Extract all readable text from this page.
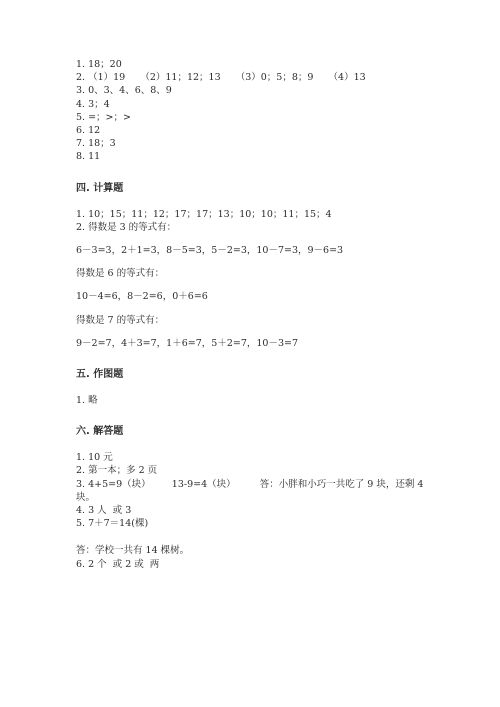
1. 18；20
2. （1）19     （2）11；12；13     （3）0；5；8；9     （4）13
3. 0、3、4、6、8、9
4. 3；4
5. =；>；>
6. 12
7. 18；3
8. 11
四. 计算题
1. 10；15；11；12；17；17；13；10；10；11；15；4
2. 得数是 3 的等式有：
6－3=3，2＋1=3，8－5=3，5－2=3，10－7=3，9－6=3
得数是 6 的等式有：
10－4=6，8－2=6，0＋6=6
得数是 7 的等式有：
9－2=7，4＋3=7，1＋6=7，5＋2=7，10－3=7
五. 作图题
1. 略
六. 解答题
1. 10 元
2. 第一本；多 2 页
3. 4+5=9（块）       13-9=4（块）        答：小胖和小巧一共吃了 9 块，还剩 4
块。
4. 3 人  或 3
5. 7＋7＝14(棵)
答：学校一共有 14 棵树。
6. 2 个  或 2 或  两
